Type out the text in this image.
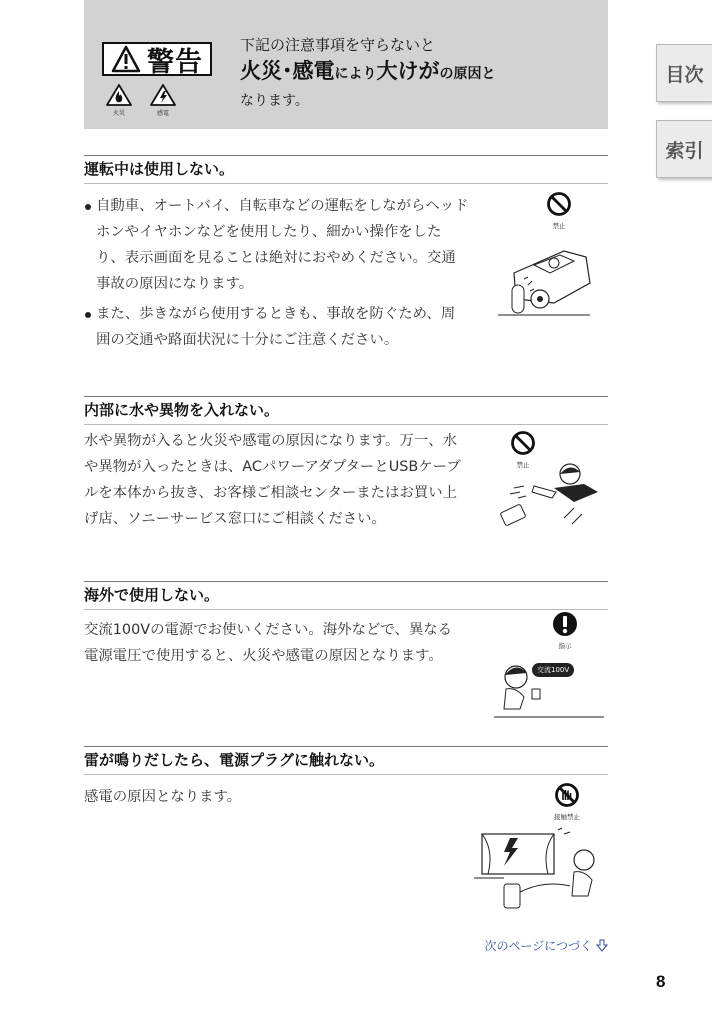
警告
火災	感電
下記の注意事項を守らないと
火災･感電により大けがの原因と
なります。
目次
索引
運転中は使用しない。
自動車、オートバイ、自転車などの運転をしながらヘッドホンやイヤホンなどを使用したり、細かい操作をしたり、表示画面を見ることは絶対におやめください。交通事故の原因になります。
また、歩きながら使用するときも、事故を防ぐため、周囲の交通や路面状況に十分にご注意ください。
禁止
内部に水や異物を入れない。
水や異物が入ると火災や感電の原因になります。万一、水や異物が入ったときは、ACパワーアダプターとUSBケーブルを本体から抜き、お客様ご相談センターまたはお買い上げ店、ソニーサービス窓口にご相談ください。
禁止
海外で使用しない。
交流100Vの電源でお使いください。海外などで、異なる電源電圧で使用すると、火災や感電の原因となります。
指示
交流100V
雷が鳴りだしたら、電源プラグに触れない。
感電の原因となります。
接触禁止
次のページにつづく
8
